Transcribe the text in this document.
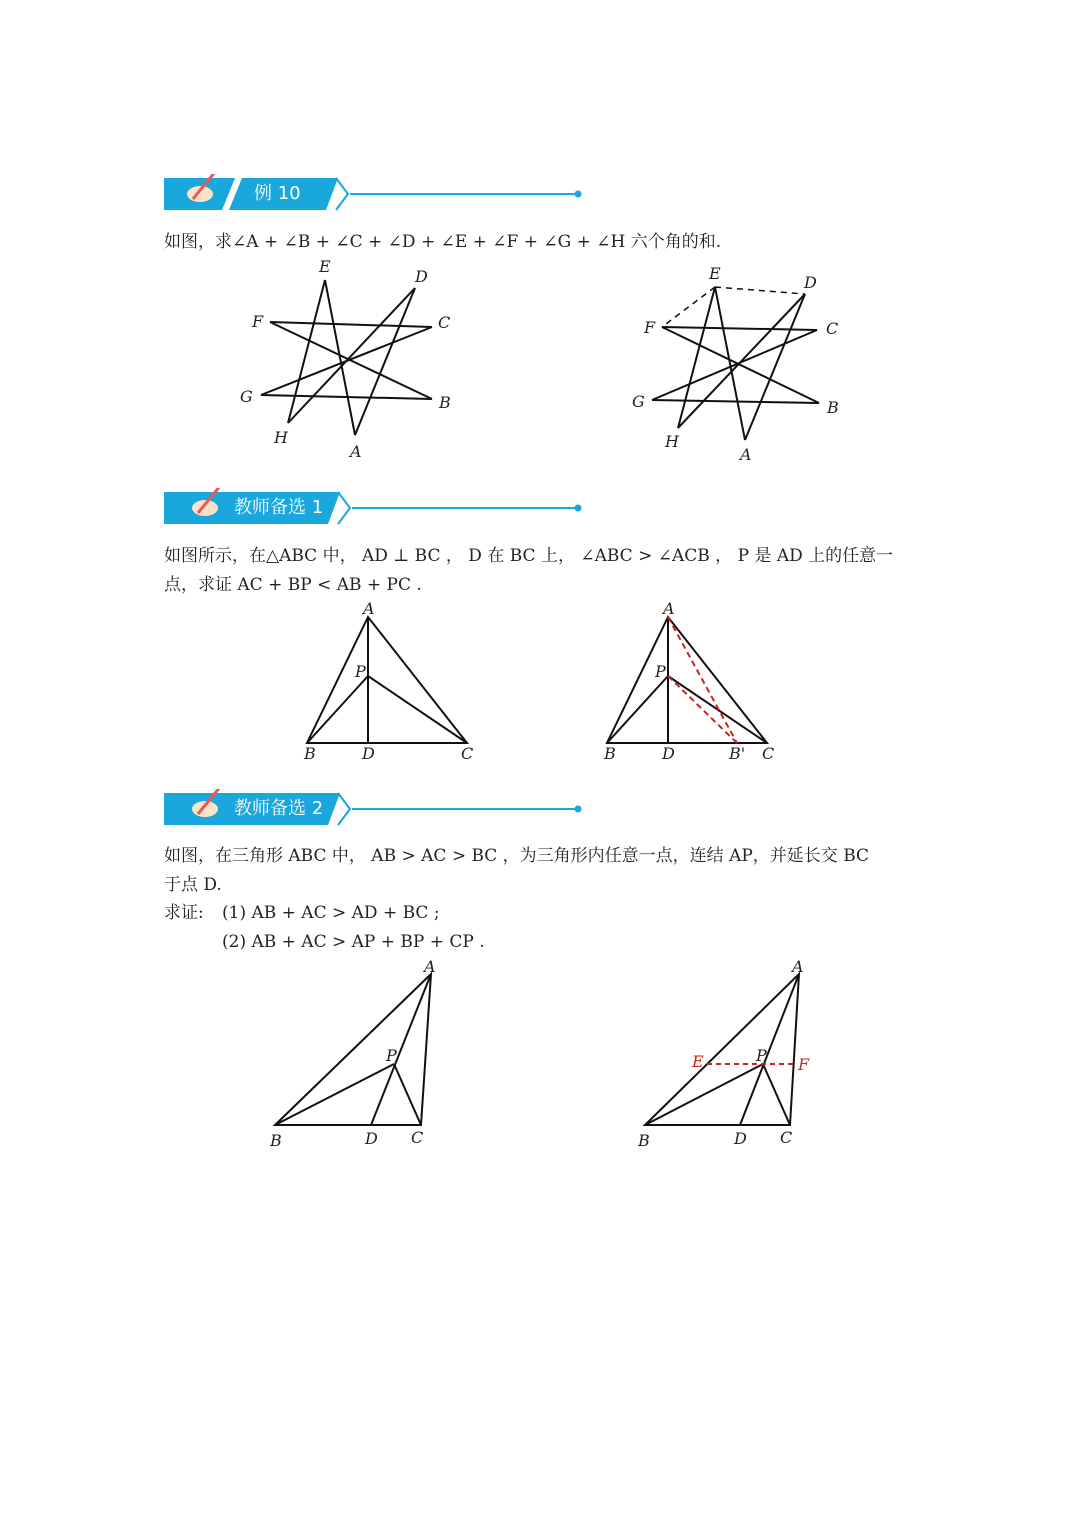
例 10
如图，求∠A + ∠B + ∠C + ∠D + ∠E + ∠F + ∠G + ∠H 六个角的和.
E
D
F	C
G	B
H
A
E	D
F	C
G	B
H
A
教师备选 1
如图所示，在△ABC 中， AD ⊥ BC ， D 在 BC 上， ∠ABC > ∠ACB ， P 是 AD 上的任意一
点，求证 AC + BP < AB + PC .
A
P
B	D	C
A
P
B	D	B' C
教师备选 2
如图，在三角形 ABC 中， AB > AC > BC ，为三角形内任意一点，连结 AP，并延长交 BC
于点 D.
求证: (1) AB + AC > AD + BC ;
(2) AB + AC > AP + BP + CP .
A
P
B	D C
A
P
E	F
B	D C
